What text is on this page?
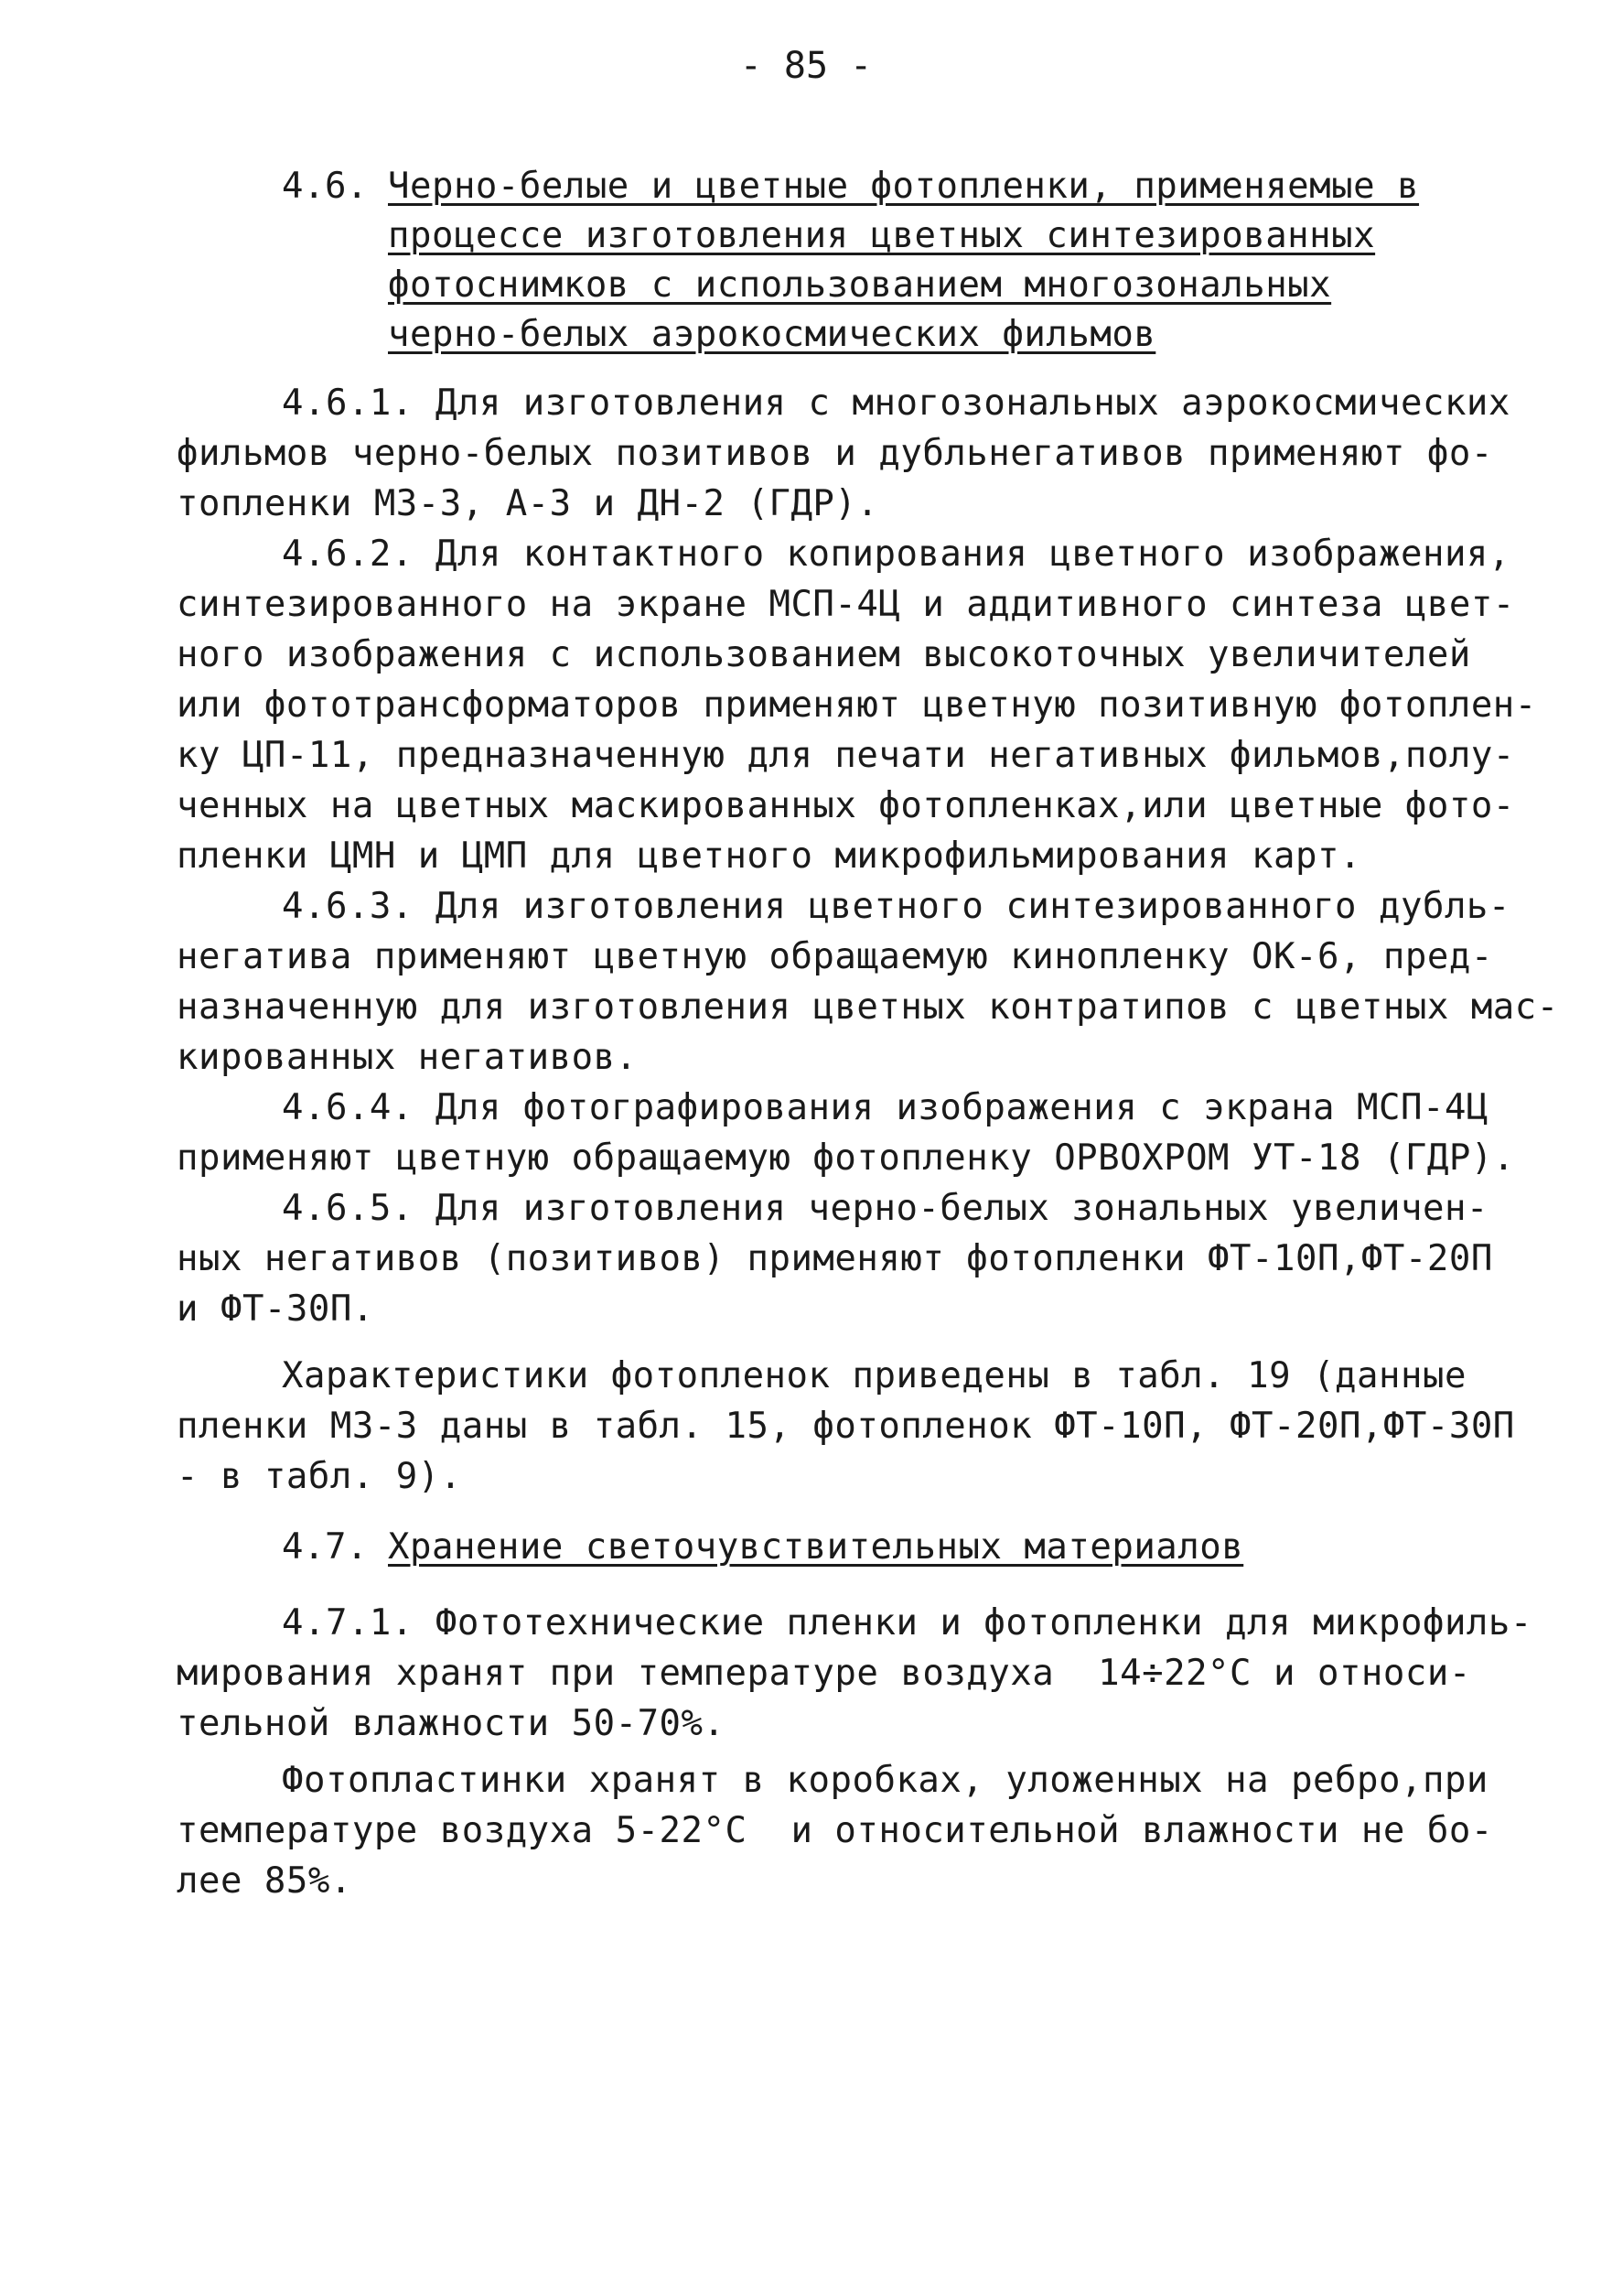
- 85 -
4.6. Черно-белые и цветные фотопленки, применяемые в
процессе изготовления цветных синтезированных
фотоснимков с использованием многозональных
черно-белых аэрокосмических фильмов
4.6.1. Для изготовления с многозональных аэрокосмических
фильмов черно-белых позитивов и дубльнегативов применяют фо-
топленки МЗ-3, А-3 и ДН-2 (ГДР).
4.6.2. Для контактного копирования цветного изображения,
синтезированного на экране МСП-4Ц и аддитивного синтеза цвет-
ного изображения с использованием высокоточных увеличителей
или фототрансформаторов применяют цветную позитивную фотоплен-
ку ЦП-11, предназначенную для печати негативных фильмов,полу-
ченных на цветных маскированных фотопленках,или цветные фото-
пленки ЦМН и ЦМП для цветного микрофильмирования карт.
4.6.3. Для изготовления цветного синтезированного дубль-
негатива применяют цветную обращаемую кинопленку ОК-6, пред-
назначенную для изготовления цветных контратипов с цветных мас-
кированных негативов.
4.6.4. Для фотографирования изображения с экрана МСП-4Ц
применяют цветную обращаемую фотопленку ОРВОХРОМ УТ-18 (ГДР).
4.6.5. Для изготовления черно-белых зональных увеличен-
ных негативов (позитивов) применяют фотопленки ФТ-10П,ФТ-20П
и ФТ-30П.
Характеристики фотопленок приведены в табл. 19 (данные
пленки МЗ-3 даны в табл. 15, фотопленок ФТ-10П, ФТ-20П,ФТ-30П
- в табл. 9).
4.7. Хранение светочувствительных материалов
4.7.1. Фототехнические пленки и фотопленки для микрофиль-
мирования хранят при температуре воздуха  14÷22°С и относи-
тельной влажности 50-70%.
Фотопластинки хранят в коробках, уложенных на ребро,при
температуре воздуха 5-22°С  и относительной влажности не бо-
лее 85%.
